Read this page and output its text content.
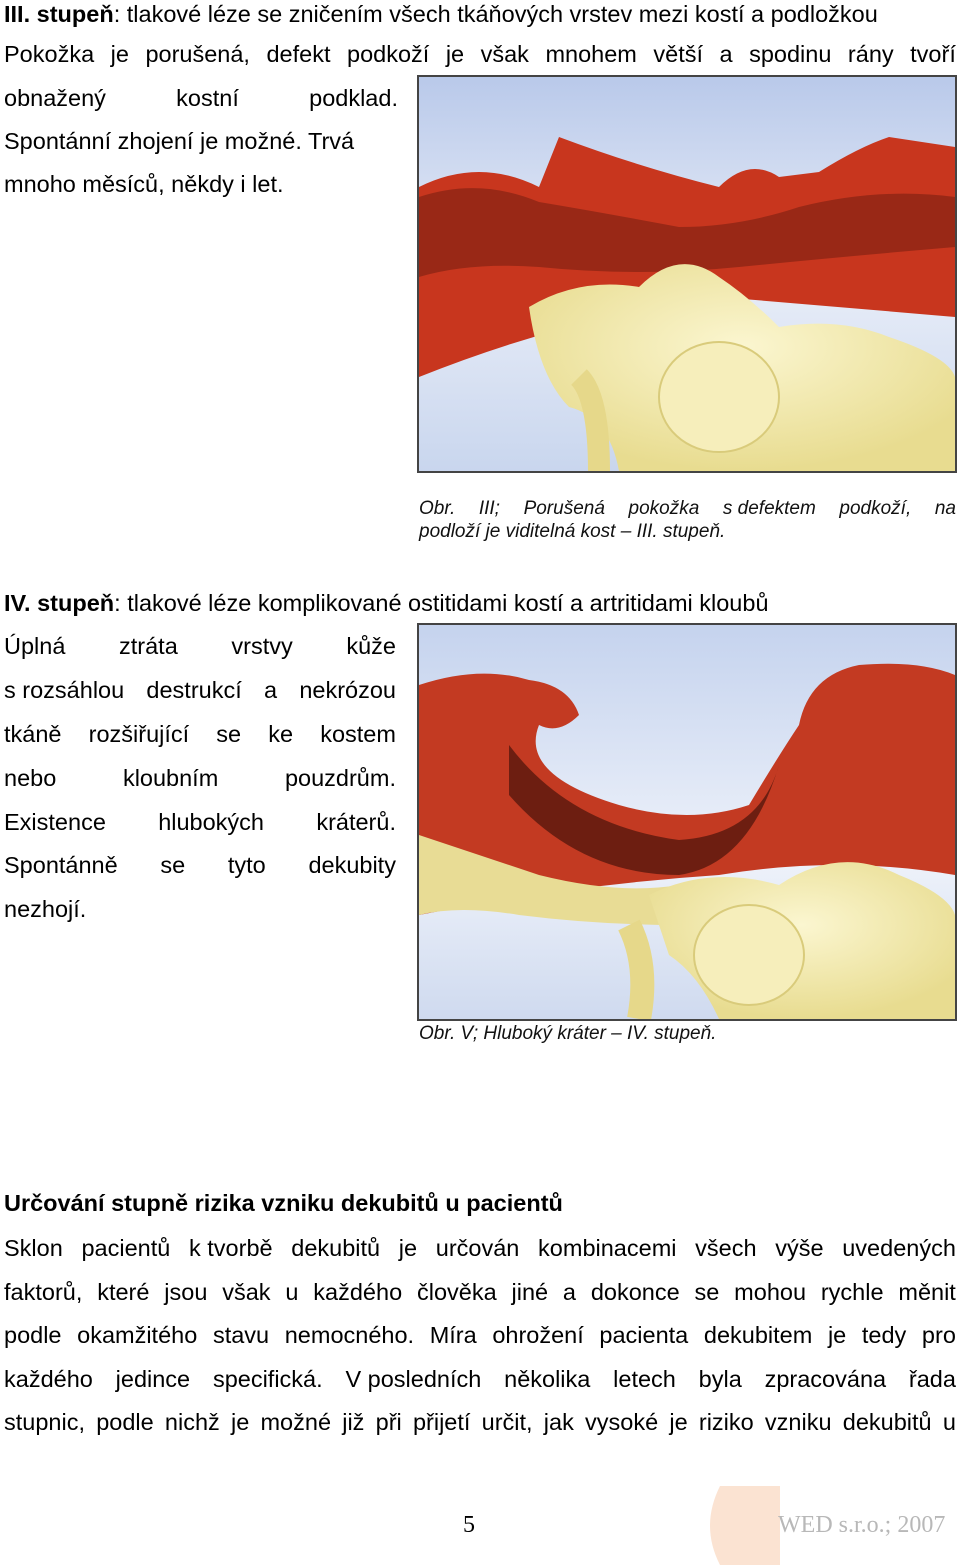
III. stupeň: tlakové léze se zničením všech tkáňových vrstev mezi kostí a podložkou
Pokožka je porušená, defekt podkoží je však mnohem větší a spodinu rány tvoří
obnažený	kostní	podklad.
Spontánní zhojení je možné. Trvá
mnoho měsíců, někdy i let.
Obr. III; Porušená pokožka s defektem podkoží, na
podloží je viditelná kost – III. stupeň.
IV. stupeň: tlakové léze komplikované ostitidami kostí a artritidami kloubů
Úplná ztráta vrstvy kůže
s rozsáhlou destrukcí a nekrózou
tkáně rozšiřující se ke kostem
nebo	kloubním	pouzdrům.
Existence hlubokých kráterů.
Spontánně se tyto dekubity
nezhojí.
Obr. V; Hluboký kráter – IV. stupeň.
Určování stupně rizika vzniku dekubitů u pacientů
Sklon pacientů k tvorbě dekubitů je určován kombinacemi všech výše uvedených
faktorů, které jsou však u každého člověka jiné a dokonce se mohou rychle měnit
podle okamžitého stavu nemocného. Míra ohrožení pacienta dekubitem je tedy pro
každého jedince specifická. V posledních několika letech byla zpracována řada
stupnic, podle nichž je možné již při přijetí určit, jak vysoké je riziko vzniku dekubitů u
5	WED s.r.o.; 2007
